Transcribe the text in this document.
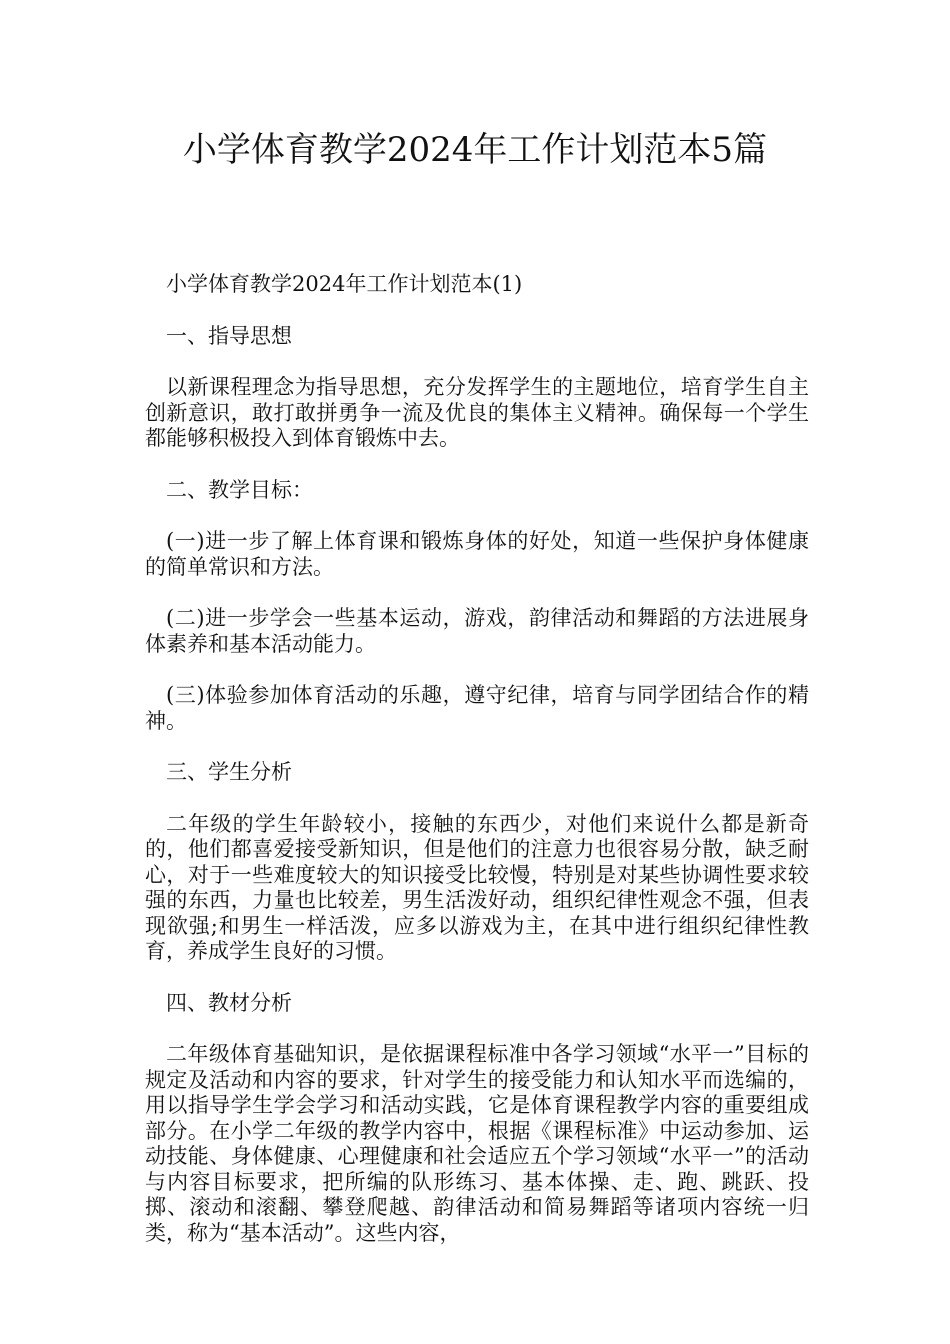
小学体育教学2024年工作计划范本5篇

小学体育教学2024年工作计划范本(1)

一、指导思想

以新课程理念为指导思想，充分发挥学生的主题地位，培育学生自主创新意识，敢打敢拼勇争一流及优良的集体主义精神。确保每一个学生都能够积极投入到体育锻炼中去。

二、教学目标：

(一)进一步了解上体育课和锻炼身体的好处，知道一些保护身体健康的简单常识和方法。

(二)进一步学会一些基本运动，游戏，韵律活动和舞蹈的方法进展身体素养和基本活动能力。

(三)体验参加体育活动的乐趣，遵守纪律，培育与同学团结合作的精神。

三、学生分析

二年级的学生年龄较小，接触的东西少，对他们来说什么都是新奇的，他们都喜爱接受新知识，但是他们的注意力也很容易分散，缺乏耐心，对于一些难度较大的知识接受比较慢，特别是对某些协调性要求较强的东西，力量也比较差，男生活泼好动，组织纪律性观念不强，但表现欲强;和男生一样活泼，应多以游戏为主，在其中进行组织纪律性教育，养成学生良好的习惯。

四、教材分析

二年级体育基础知识，是依据课程标准中各学习领域“水平一”目标的规定及活动和内容的要求，针对学生的接受能力和认知水平而选编的，用以指导学生学会学习和活动实践，它是体育课程教学内容的重要组成部分。在小学二年级的教学内容中，根据《课程标准》中运动参加、运动技能、身体健康、心理健康和社会适应五个学习领域“水平一”的活动与内容目标要求，把所编的队形练习、基本体操、走、跑、跳跃、投掷、滚动和滚翻、攀登爬越、韵律活动和简易舞蹈等诸项内容统一归类，称为“基本活动”。这些内容，
